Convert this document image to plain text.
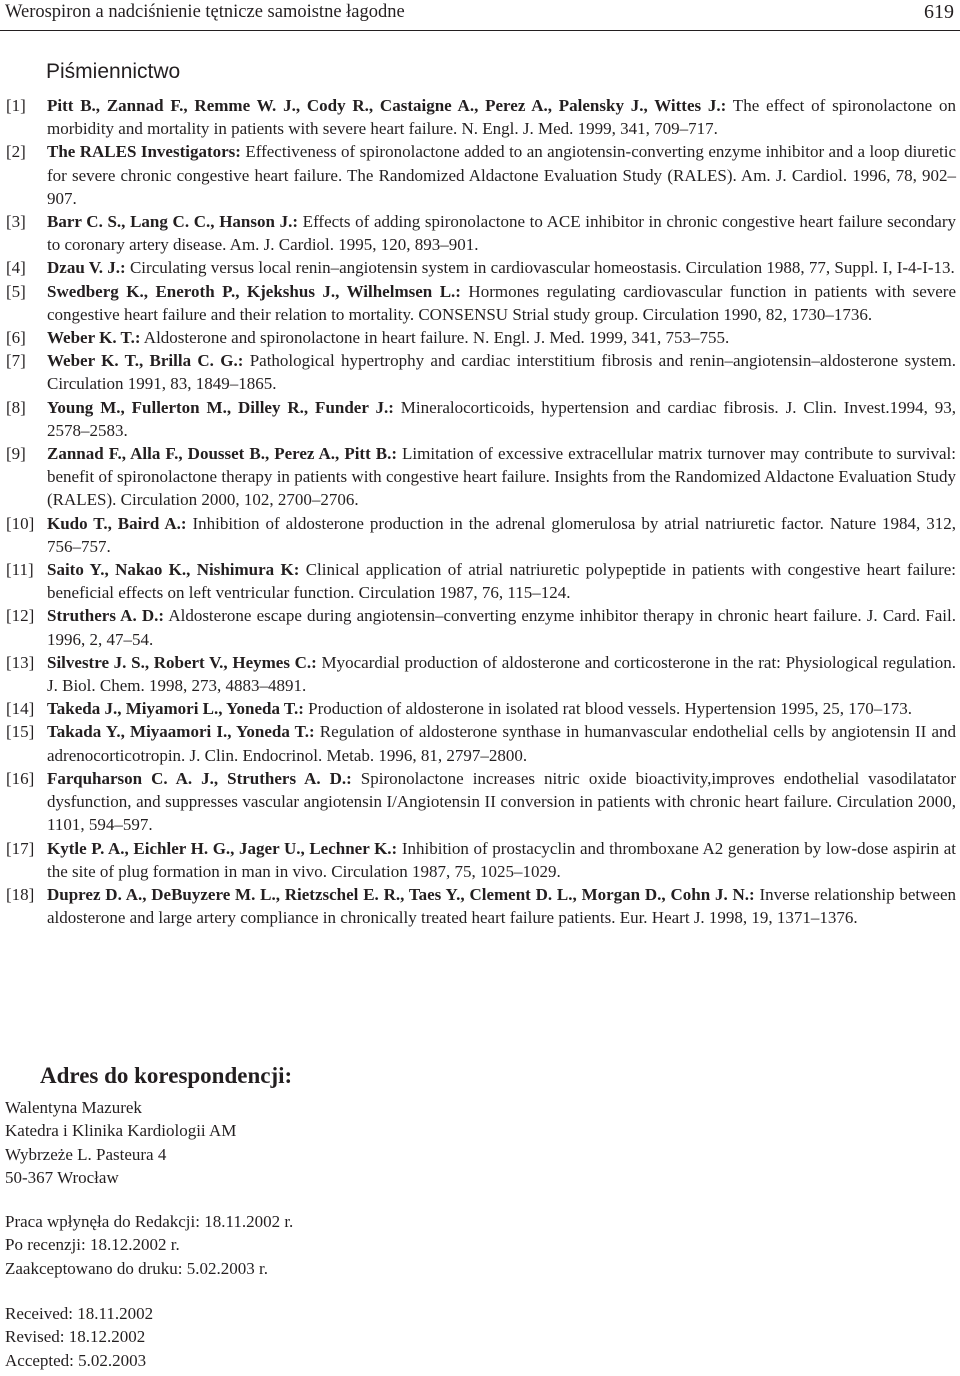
Werospiron a nadciśnienie tętnicze samoistne łagodne	619
Piśmiennictwo
[1]	Pitt B., Zannad F., Remme W. J., Cody R., Castaigne A., Perez A., Palensky J., Wittes J.: The effect of spironolactone on morbidity and mortality in patients with severe heart failure. N. Engl. J. Med. 1999, 341, 709–717.
[2]	The RALES Investigators: Effectiveness of spironolactone added to an angiotensin-converting enzyme inhibitor and a loop diuretic for severe chronic congestive heart failure. The Randomized Aldactone Evaluation Study (RALES). Am. J. Cardiol. 1996, 78, 902–907.
[3]	Barr C. S., Lang C. C., Hanson J.: Effects of adding spironolactone to ACE inhibitor in chronic congestive heart failure secondary to coronary artery disease. Am. J. Cardiol. 1995, 120, 893–901.
[4]	Dzau V. J.: Circulating versus local renin–angiotensin system in cardiovascular homeostasis. Circulation 1988, 77, Suppl. I, I-4-I-13.
[5]	Swedberg K., Eneroth P., Kjekshus J., Wilhelmsen L.: Hormones regulating cardiovascular function in patients with severe congestive heart failure and their relation to mortality. CONSENSU Strial study group. Circulation 1990, 82, 1730–1736.
[6]	Weber K. T.: Aldosterone and spironolactone in heart failure. N. Engl. J. Med. 1999, 341, 753–755.
[7]	Weber K. T., Brilla C. G.: Pathological hypertrophy and cardiac interstitium fibrosis and renin–angiotensin–aldosterone system. Circulation 1991, 83, 1849–1865.
[8]	Young M., Fullerton M., Dilley R., Funder J.: Mineralocorticoids, hypertension and cardiac fibrosis. J. Clin. Invest.1994, 93, 2578–2583.
[9]	Zannad F., Alla F., Dousset B., Perez A., Pitt B.: Limitation of excessive extracellular matrix turnover may contribute to survival: benefit of spironolactone therapy in patients with congestive heart failure. Insights from the Randomized Aldactone Evaluation Study (RALES). Circulation 2000, 102, 2700–2706.
[10] Kudo T., Baird A.: Inhibition of aldosterone production in the adrenal glomerulosa by atrial natriuretic factor. Nature 1984, 312, 756–757.
[11] Saito Y., Nakao K., Nishimura K: Clinical application of atrial natriuretic polypeptide in patients with congestive heart failure: beneficial effects on left ventricular function. Circulation 1987, 76, 115–124.
[12] Struthers A. D.: Aldosterone escape during angiotensin–converting enzyme inhibitor therapy in chronic heart failure. J. Card. Fail. 1996, 2, 47–54.
[13] Silvestre J. S., Robert V., Heymes C.: Myocardial production of aldosterone and corticosterone in the rat: Physiological regulation. J. Biol. Chem. 1998, 273, 4883–4891.
[14] Takeda J., Miyamori L., Yoneda T.: Production of aldosterone in isolated rat blood vessels. Hypertension 1995, 25, 170–173.
[15] Takada Y., Miyaamori I., Yoneda T.: Regulation of aldosterone synthase in humanvascular endothelial cells by angiotensin II and adrenocorticotropin. J. Clin. Endocrinol. Metab. 1996, 81, 2797–2800.
[16] Farquharson C. A. J., Struthers A. D.: Spironolactone increases nitric oxide bioactivity,improves endothelial vasodilatator dysfunction, and suppresses vascular angiotensin I/Angiotensin II conversion in patients with chronic heart failure. Circulation 2000, 1101, 594–597.
[17] Kytle P. A., Eichler H. G., Jager U., Lechner K.: Inhibition of prostacyclin and thromboxane A2 generation by low-dose aspirin at the site of plug formation in man in vivo. Circulation 1987, 75, 1025–1029.
[18] Duprez D. A., DeBuyzere M. L., Rietzschel E. R., Taes Y., Clement D. L., Morgan D., Cohn J. N.: Inverse relationship between aldosterone and large artery compliance in chronically treated heart failure patients. Eur. Heart J. 1998, 19, 1371–1376.
Adres do korespondencji:
Walentyna Mazurek
Katedra i Klinika Kardiologii AM
Wybrzeże L. Pasteura 4
50-367 Wrocław
Praca wpłynęła do Redakcji: 18.11.2002 r.
Po recenzji: 18.12.2002 r.
Zaakceptowano do druku: 5.02.2003 r.
Received: 18.11.2002
Revised: 18.12.2002
Accepted: 5.02.2003
